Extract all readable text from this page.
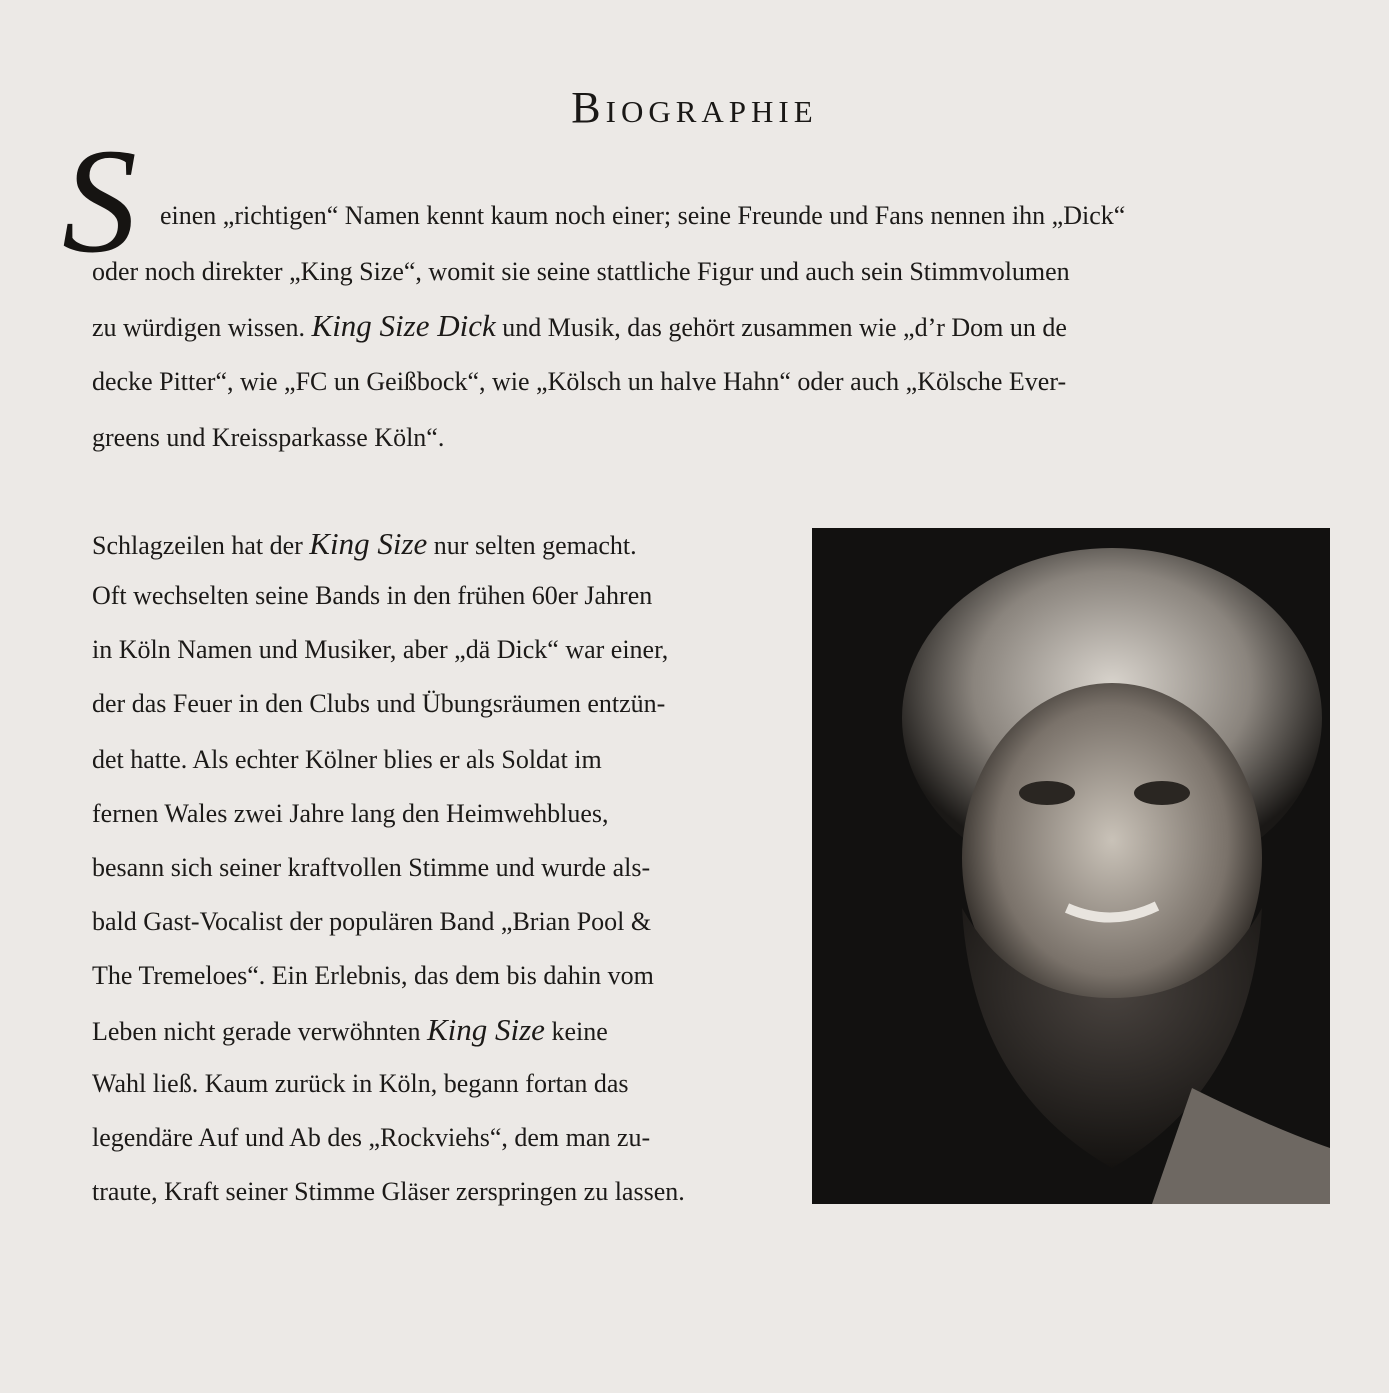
Biographie
S einen „richtigen“ Namen kennt kaum noch einer; seine Freunde und Fans nennen ihn „Dick“
oder noch direkter „King Size“, womit sie seine stattliche Figur und auch sein Stimmvolumen
zu würdigen wissen. King Size Dick und Musik, das gehört zusammen wie „d’r Dom un de
decke Pitter“, wie „FC un Geißbock“, wie „Kölsch un halve Hahn“ oder auch „Kölsche Ever-
greens und Kreissparkasse Köln“.
Schlagzeilen hat der King Size nur selten gemacht.
Oft wechselten seine Bands in den frühen 60er Jahren
in Köln Namen und Musiker, aber „dä Dick“ war einer,
der das Feuer in den Clubs und Übungsräumen entzün-
det hatte. Als echter Kölner blies er als Soldat im
fernen Wales zwei Jahre lang den Heimwehblues,
besann sich seiner kraftvollen Stimme und wurde als-
bald Gast-Vocalist der populären Band „Brian Pool &
The Tremeloes“. Ein Erlebnis, das dem bis dahin vom
Leben nicht gerade verwöhnten King Size keine
Wahl ließ. Kaum zurück in Köln, begann fortan das
legendäre Auf und Ab des „Rockviehs“, dem man zu-
traute, Kraft seiner Stimme Gläser zerspringen zu lassen.
